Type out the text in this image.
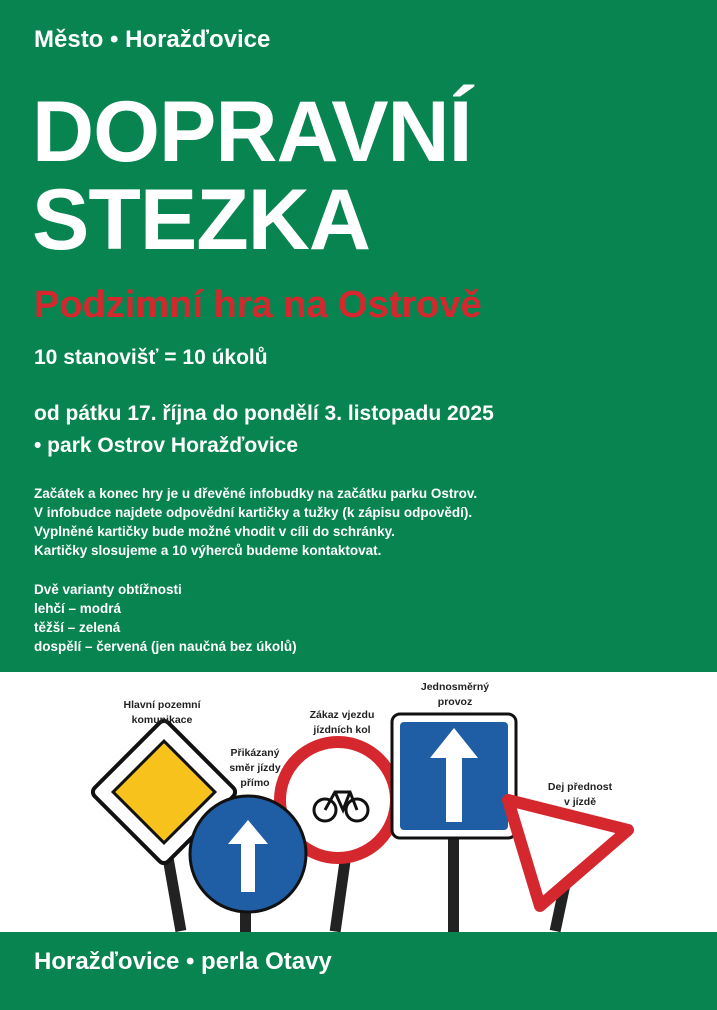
Město • Horažďovice
DOPRAVNÍ
STEZKA
Podzimní hra na Ostrově
10 stanovišť = 10 úkolů
od pátku 17. října do pondělí 3. listopadu 2025
• park Ostrov Horažďovice
Začátek a konec hry je u dřevěné infobudky na začátku parku Ostrov.
V infobudce najdete odpovědní kartičky a tužky (k zápisu odpovědí).
Vyplněné kartičky bude možné vhodit v cíli do schránky.
Kartičky slosujeme a 10 výherců budeme kontaktovat.
Dvě varianty obtížnosti
lehčí – modrá
těžší – zelená
dospělí – červená (jen naučná bez úkolů)
Hlavní pozemní
komunikace
Přikázaný
směr jízdy
přímo
Zákaz vjezdu
jízdních kol
Jednosměrný
provoz
Dej přednost
v jízdě
Horažďovice • perla Otavy
